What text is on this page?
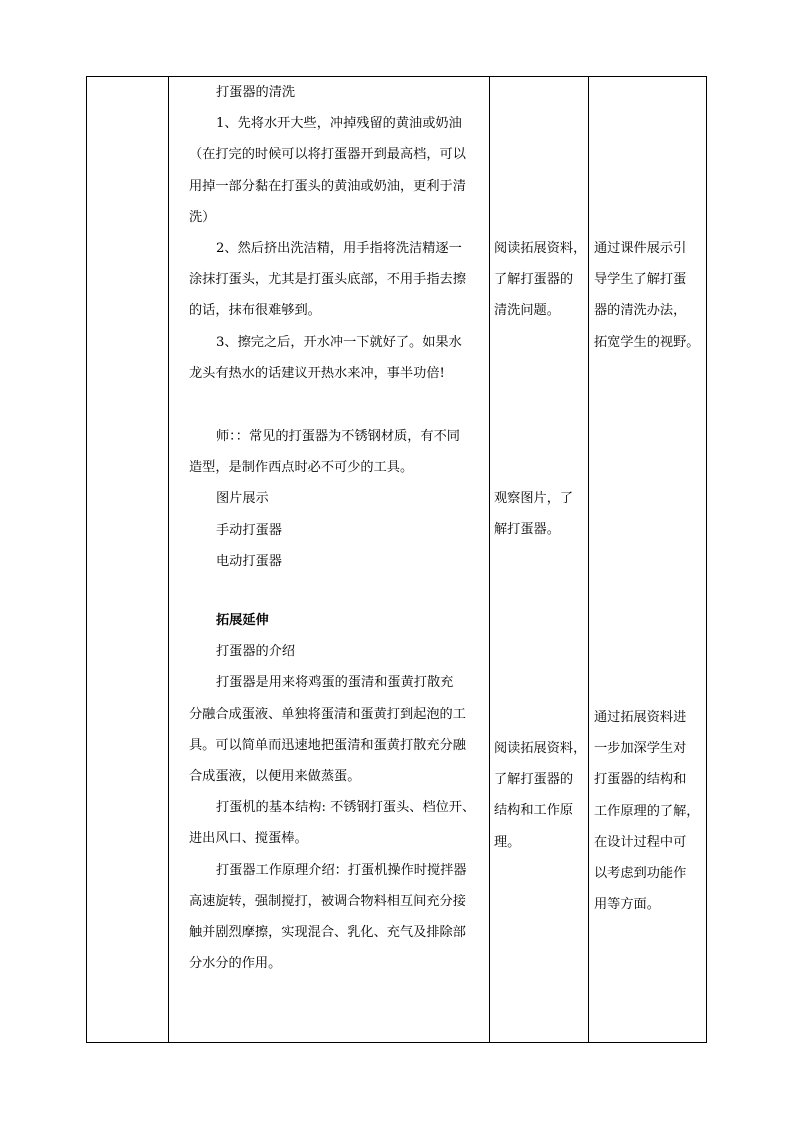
打蛋器的清洗

1、先将水开大些，冲掉残留的黄油或奶油

（在打完的时候可以将打蛋器开到最高档，可以

用掉一部分黏在打蛋头的黄油或奶油，更利于清

洗）

2、然后挤出洗洁精，用手指将洗洁精逐一

涂抹打蛋头，尤其是打蛋头底部，不用手指去擦

的话，抹布很难够到。

3、擦完之后，开水冲一下就好了。如果水

龙头有热水的话建议开热水来冲，事半功倍!

师：：常见的打蛋器为不锈钢材质，有不同

造型，是制作西点时必不可少的工具。

图片展示

手动打蛋器

电动打蛋器

拓展延伸

打蛋器的介绍

打蛋器是用来将鸡蛋的蛋清和蛋黄打散充

分融合成蛋液、单独将蛋清和蛋黄打到起泡的工

具。可以简单而迅速地把蛋清和蛋黄打散充分融

合成蛋液，以便用来做蒸蛋。

打蛋机的基本结构: 不锈钢打蛋头、档位开、

进出风口、搅蛋棒。

打蛋器工作原理介绍：打蛋机操作时搅拌器

高速旋转，强制搅打，被调合物料相互间充分接

触并剧烈摩擦，实现混合、乳化、充气及排除部

分水分的作用。

阅读拓展资料，

了解打蛋器的

清洗问题。

观察图片，了

解打蛋器。

阅读拓展资料，

了解打蛋器的

结构和工作原

理。

通过课件展示引

导学生了解打蛋

器的清洗办法，

拓宽学生的视野。

通过拓展资料进

一步加深学生对

打蛋器的结构和

工作原理的了解，

在设计过程中可

以考虑到功能作

用等方面。
